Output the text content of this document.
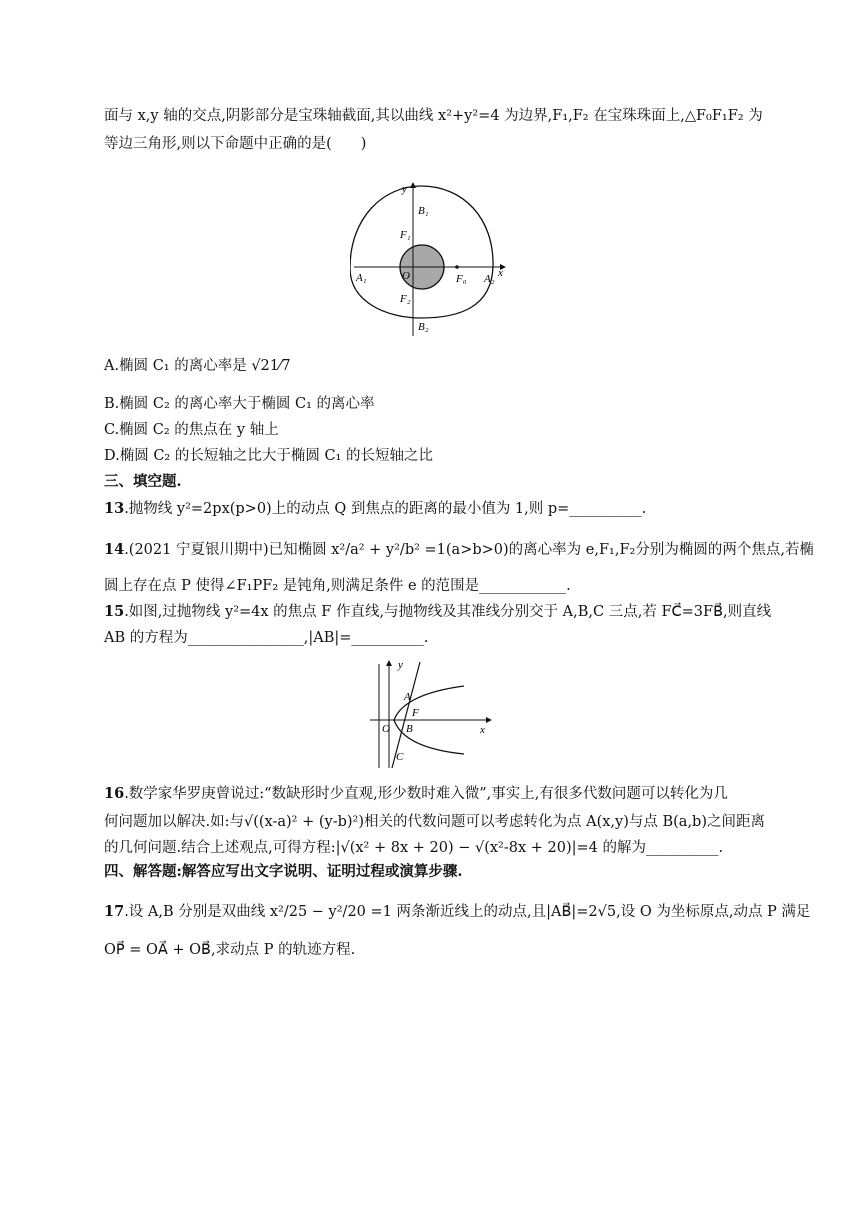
面与 x,y 轴的交点,阴影部分是宝珠轴截面,其以曲线 x²+y²=4 为边界,F₁,F₂ 在宝珠珠面上,△F₀F₁F₂ 为
等边三角形,则以下命题中正确的是(　　)
y
x
O
A₁	A₂
B₁
B₂
F₁
F₂
F₀
A.椭圆 C₁ 的离心率是 √21⁄7
B.椭圆 C₂ 的离心率大于椭圆 C₁ 的离心率
C.椭圆 C₂ 的焦点在 y 轴上
D.椭圆 C₂ 的长短轴之比大于椭圆 C₁ 的长短轴之比
三、填空题.
13.抛物线 y²=2px(p>0)上的动点 Q 到焦点的距离的最小值为 1,则 p=__________.
14.(2021 宁夏银川期中)已知椭圆 x²/a² + y²/b² =1(a>b>0)的离心率为 e,F₁,F₂分别为椭圆的两个焦点,若椭
圆上存在点 P 使得∠F₁PF₂ 是钝角,则满足条件 e 的范围是____________.
15.如图,过抛物线 y²=4x 的焦点 F 作直线,与抛物线及其准线分别交于 A,B,C 三点,若 FC⃗=3FB⃗,则直线
AB 的方程为________________,|AB|=__________.
y
x
O
A
F
B
C
16.数学家华罗庚曾说过:“数缺形时少直观,形少数时难入微”,事实上,有很多代数问题可以转化为几
何问题加以解决.如:与√((x-a)² + (y-b)²)相关的代数问题可以考虑转化为点 A(x,y)与点 B(a,b)之间距离
的几何问题.结合上述观点,可得方程:|√(x² + 8x + 20) − √(x²-8x + 20)|=4 的解为__________.
四、解答题:解答应写出文字说明、证明过程或演算步骤.
17.设 A,B 分别是双曲线 x²/25 − y²/20 =1 两条渐近线上的动点,且|AB⃗|=2√5,设 O 为坐标原点,动点 P 满足
OP⃗ = OA⃗ + OB⃗,求动点 P 的轨迹方程.
